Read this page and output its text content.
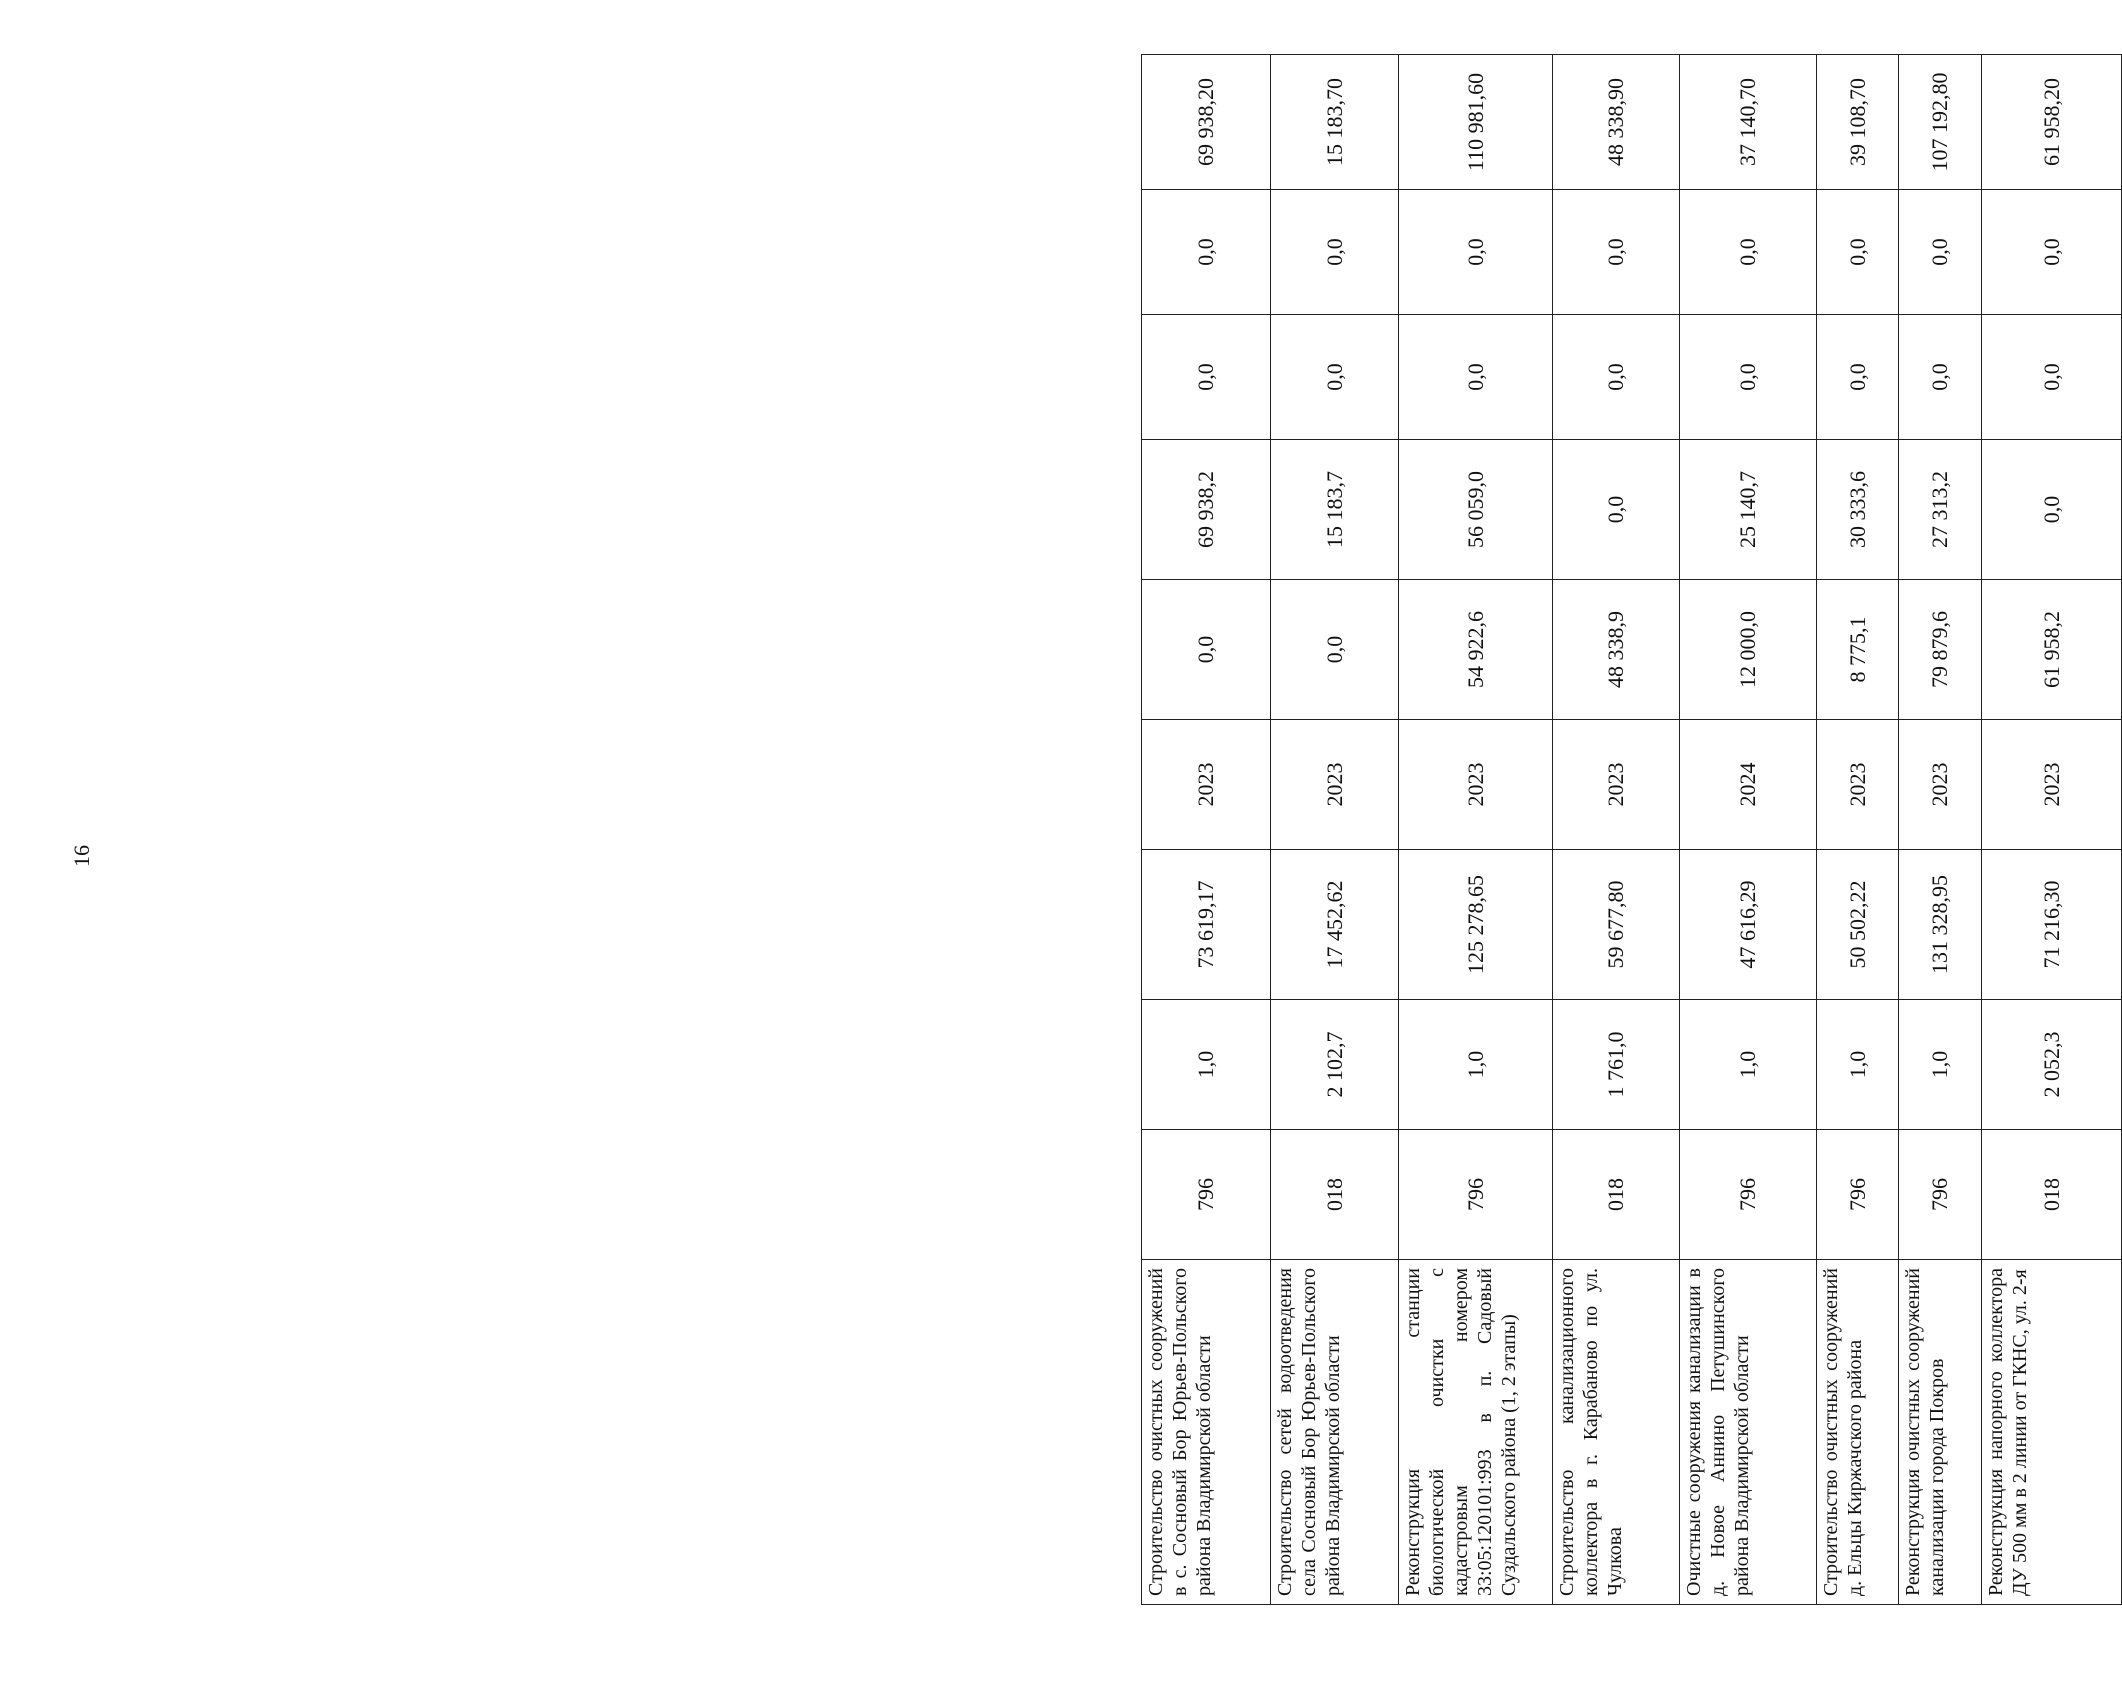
16
Строительство очистных сооружений в с. Сосновый Бор Юрьев-Польского района Владимирской области	796	1,0	73 619,17	2023	0,0	69 938,2	0,0	0,0	69 938,20
Строительство сетей водоотведения села Сосновый Бор Юрьев-Польского района Владимирской области	018	2 102,7	17 452,62	2023	0,0	15 183,7	0,0	0,0	15 183,70
Реконструкция станции биологической очистки с кадастровым номером 33:05:120101:993 в п. Садовый Суздальского района (1, 2 этапы)	796	1,0	125 278,65	2023	54 922,6	56 059,0	0,0	0,0	110 981,60
Строительство канализационного коллектора в г. Карабаново по ул. Чулкова	018	1 761,0	59 677,80	2023	48 338,9	0,0	0,0	0,0	48 338,90
Очистные сооружения канализации в д. Новое Аннино Петушинского района Владимирской области	796	1,0	47 616,29	2024	12 000,0	25 140,7	0,0	0,0	37 140,70
Строительство очистных сооружений д. Ельцы Киржачского района	796	1,0	50 502,22	2023	8 775,1	30 333,6	0,0	0,0	39 108,70
Реконструкция очистных сооружений канализации города Покров	796	1,0	131 328,95	2023	79 879,6	27 313,2	0,0	0,0	107 192,80
Реконструкция напорного коллектора ДУ 500 мм в 2 линии от ГКНС, ул. 2-я	018	2 052,3	71 216,30	2023	61 958,2	0,0	0,0	0,0	61 958,20
